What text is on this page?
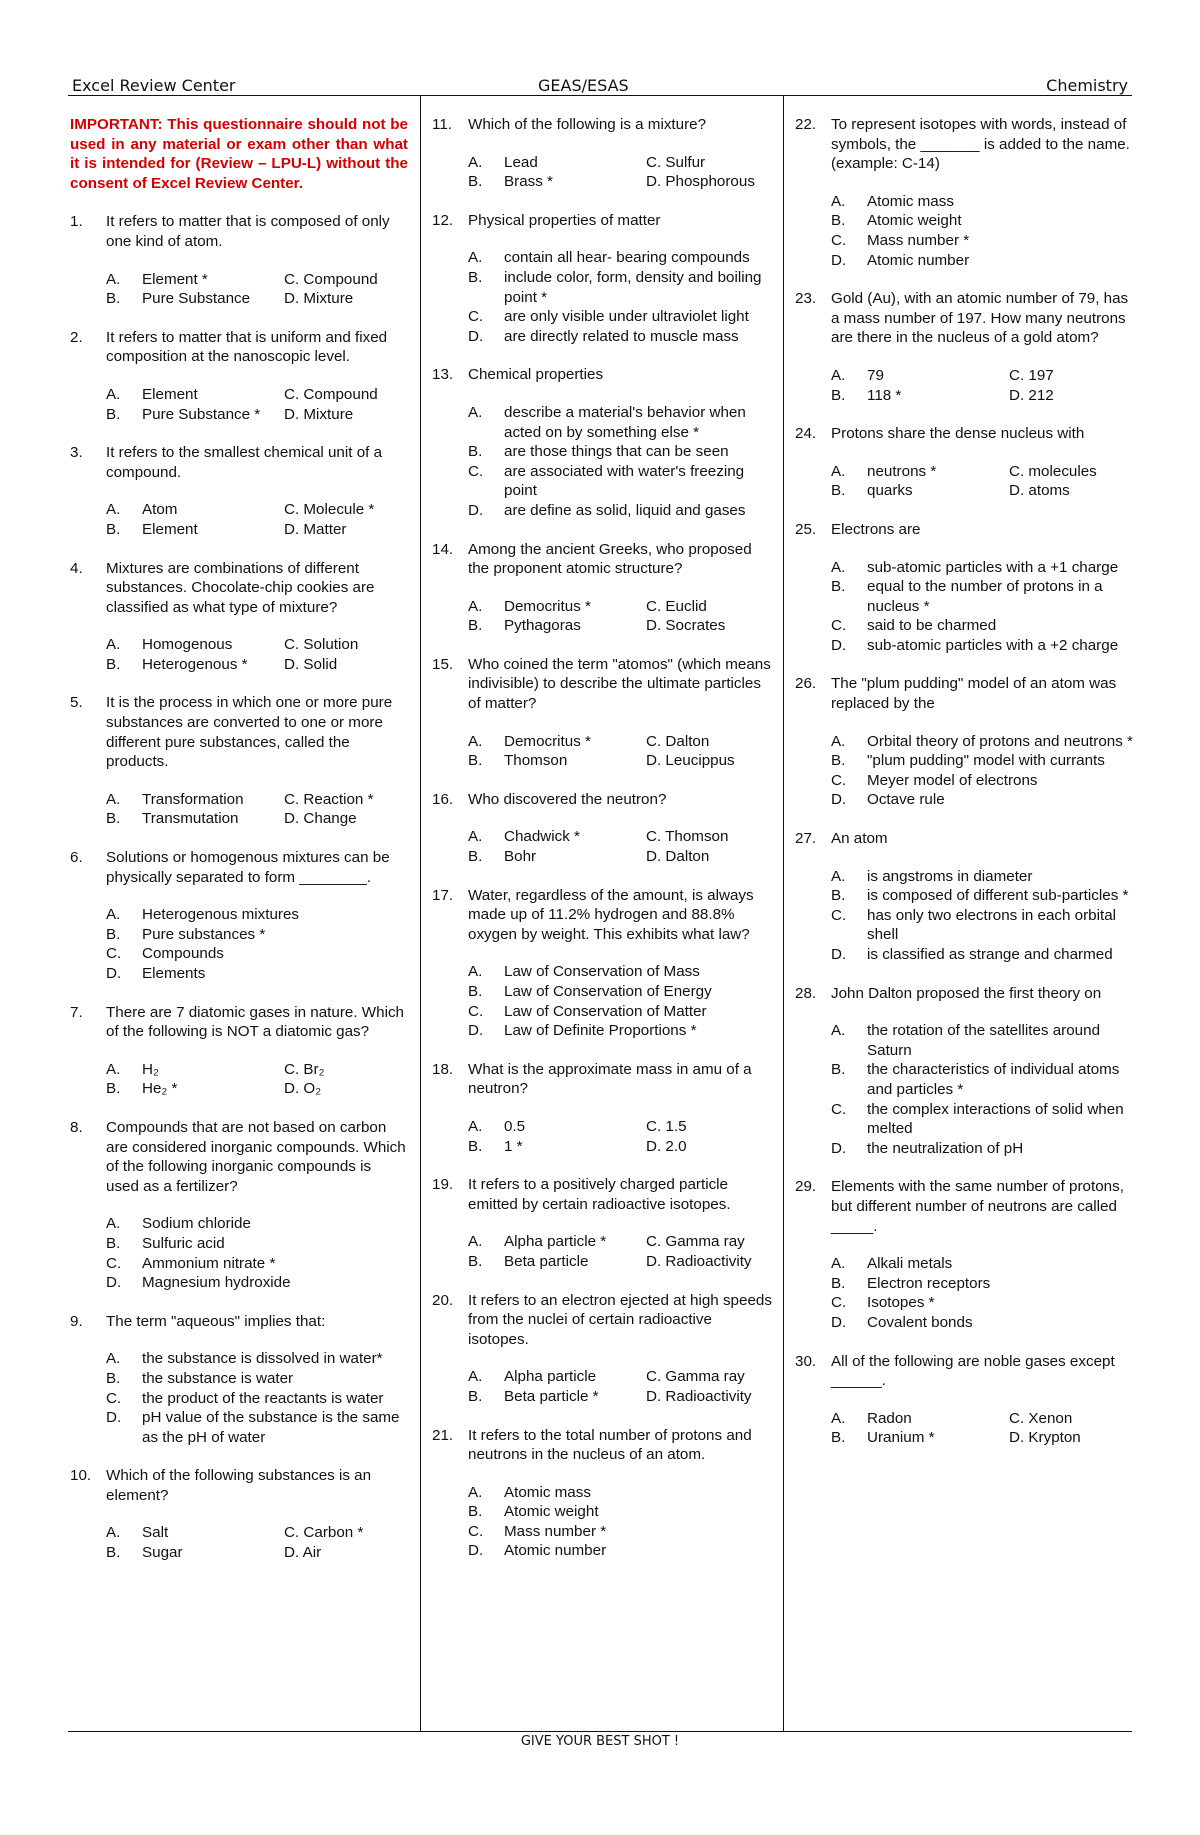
Excel Review Center	GEAS/ESAS	Chemistry
IMPORTANT: This questionnaire should not be used in any material or exam other than what it is intended for (Review – LPU-L) without the consent of Excel Review Center.
1.	It refers to matter that is composed of only one kind of atom.
A.	Element *	C. Compound
B.	Pure Substance	D. Mixture
2.	It refers to matter that is uniform and fixed composition at the nanoscopic level.
A.	Element	C. Compound
B.	Pure Substance *	D. Mixture
3.	It refers to the smallest chemical unit of a compound.
A.	Atom	C. Molecule *
B.	Element	D. Matter
4.	Mixtures are combinations of different substances. Chocolate-chip cookies are classified as what type of mixture?
A.	Homogenous	C. Solution
B.	Heterogenous *	D. Solid
5.	It is the process in which one or more pure substances are converted to one or more different pure substances, called the products.
A.	Transformation	C. Reaction *
B.	Transmutation	D. Change
6.	Solutions or homogenous mixtures can be physically separated to form ________.
A.	Heterogenous mixtures
B.	Pure substances *
C.	Compounds
D.	Elements
7.	There are 7 diatomic gases in nature. Which of the following is NOT a diatomic gas?
A.	H₂	C. Br₂
B.	He₂ *	D. O₂
8.	Compounds that are not based on carbon are considered inorganic compounds. Which of the following inorganic compounds is used as a fertilizer?
A.	Sodium chloride
B.	Sulfuric acid
C.	Ammonium nitrate *
D.	Magnesium hydroxide
9.	The term "aqueous" implies that:
A.	the substance is dissolved in water*
B.	the substance is water
C.	the product of the reactants is water
D.	pH value of the substance is the same as the pH of water
10. Which of the following substances is an element?
A.	Salt	C. Carbon *
B.	Sugar	D. Air
11.	Which of the following is a mixture?
A.	Lead	C. Sulfur
B.	Brass *	D. Phosphorous
12. Physical properties of matter
A.	contain all hear- bearing compounds
B.	include color, form, density and boiling point *
C.	are only visible under ultraviolet light
D.	are directly related to muscle mass
13. Chemical properties
A.	describe a material's behavior when acted on by something else *
B.	are those things that can be seen
C.	are associated with water's freezing point
D.	are define as solid, liquid and gases
14. Among the ancient Greeks, who proposed the proponent atomic structure?
A.	Democritus *	C. Euclid
B.	Pythagoras	D. Socrates
15. Who coined the term "atomos" (which means indivisible) to describe the ultimate particles of matter?
A.	Democritus *	C. Dalton
B.	Thomson	D. Leucippus
16. Who discovered the neutron?
A.	Chadwick *	C. Thomson
B.	Bohr	D. Dalton
17. Water, regardless of the amount, is always made up of 11.2% hydrogen and 88.8% oxygen by weight. This exhibits what law?
A.	Law of Conservation of Mass
B.	Law of Conservation of Energy
C.	Law of Conservation of Matter
D.	Law of Definite Proportions *
18. What is the approximate mass in amu of a neutron?
A.	0.5	C. 1.5
B.	1 *	D. 2.0
19. It refers to a positively charged particle emitted by certain radioactive isotopes.
A.	Alpha particle *	C. Gamma ray
B.	Beta particle	D. Radioactivity
20. It refers to an electron ejected at high speeds from the nuclei of certain radioactive isotopes.
A.	Alpha particle	C. Gamma ray
B.	Beta particle *	D. Radioactivity
21. It refers to the total number of protons and neutrons in the nucleus of an atom.
A.	Atomic mass
B.	Atomic weight
C.	Mass number *
D.	Atomic number
22. To represent isotopes with words, instead of symbols, the _______ is added to the name. (example: C-14)
A.	Atomic mass
B.	Atomic weight
C.	Mass number *
D.	Atomic number
23. Gold (Au), with an atomic number of 79, has a mass number of 197. How many neutrons are there in the nucleus of a gold atom?
A.	79	C. 197
B.	118 *	D. 212
24. Protons share the dense nucleus with
A.	neutrons *	C. molecules
B.	quarks	D. atoms
25. Electrons are
A.	sub-atomic particles with a +1 charge
B.	equal to the number of protons in a nucleus *
C.	said to be charmed
D.	sub-atomic particles with a +2 charge
26. The "plum pudding" model of an atom was replaced by the
A.	Orbital theory of protons and neutrons *
B.	"plum pudding" model with currants
C.	Meyer model of electrons
D.	Octave rule
27. An atom
A.	is angstroms in diameter
B.	is composed of different sub-particles *
C.	has only two electrons in each orbital shell
D.	is classified as strange and charmed
28. John Dalton proposed the first theory on
A.	the rotation of the satellites around Saturn
B.	the characteristics of individual atoms and particles *
C.	the complex interactions of solid when melted
D.	the neutralization of pH
29. Elements with the same number of protons, but different number of neutrons are called _____.
A.	Alkali metals
B.	Electron receptors
C.	Isotopes *
D.	Covalent bonds
30. All of the following are noble gases except ______.
A.	Radon	C. Xenon
B.	Uranium *	D. Krypton
GIVE YOUR BEST SHOT !
